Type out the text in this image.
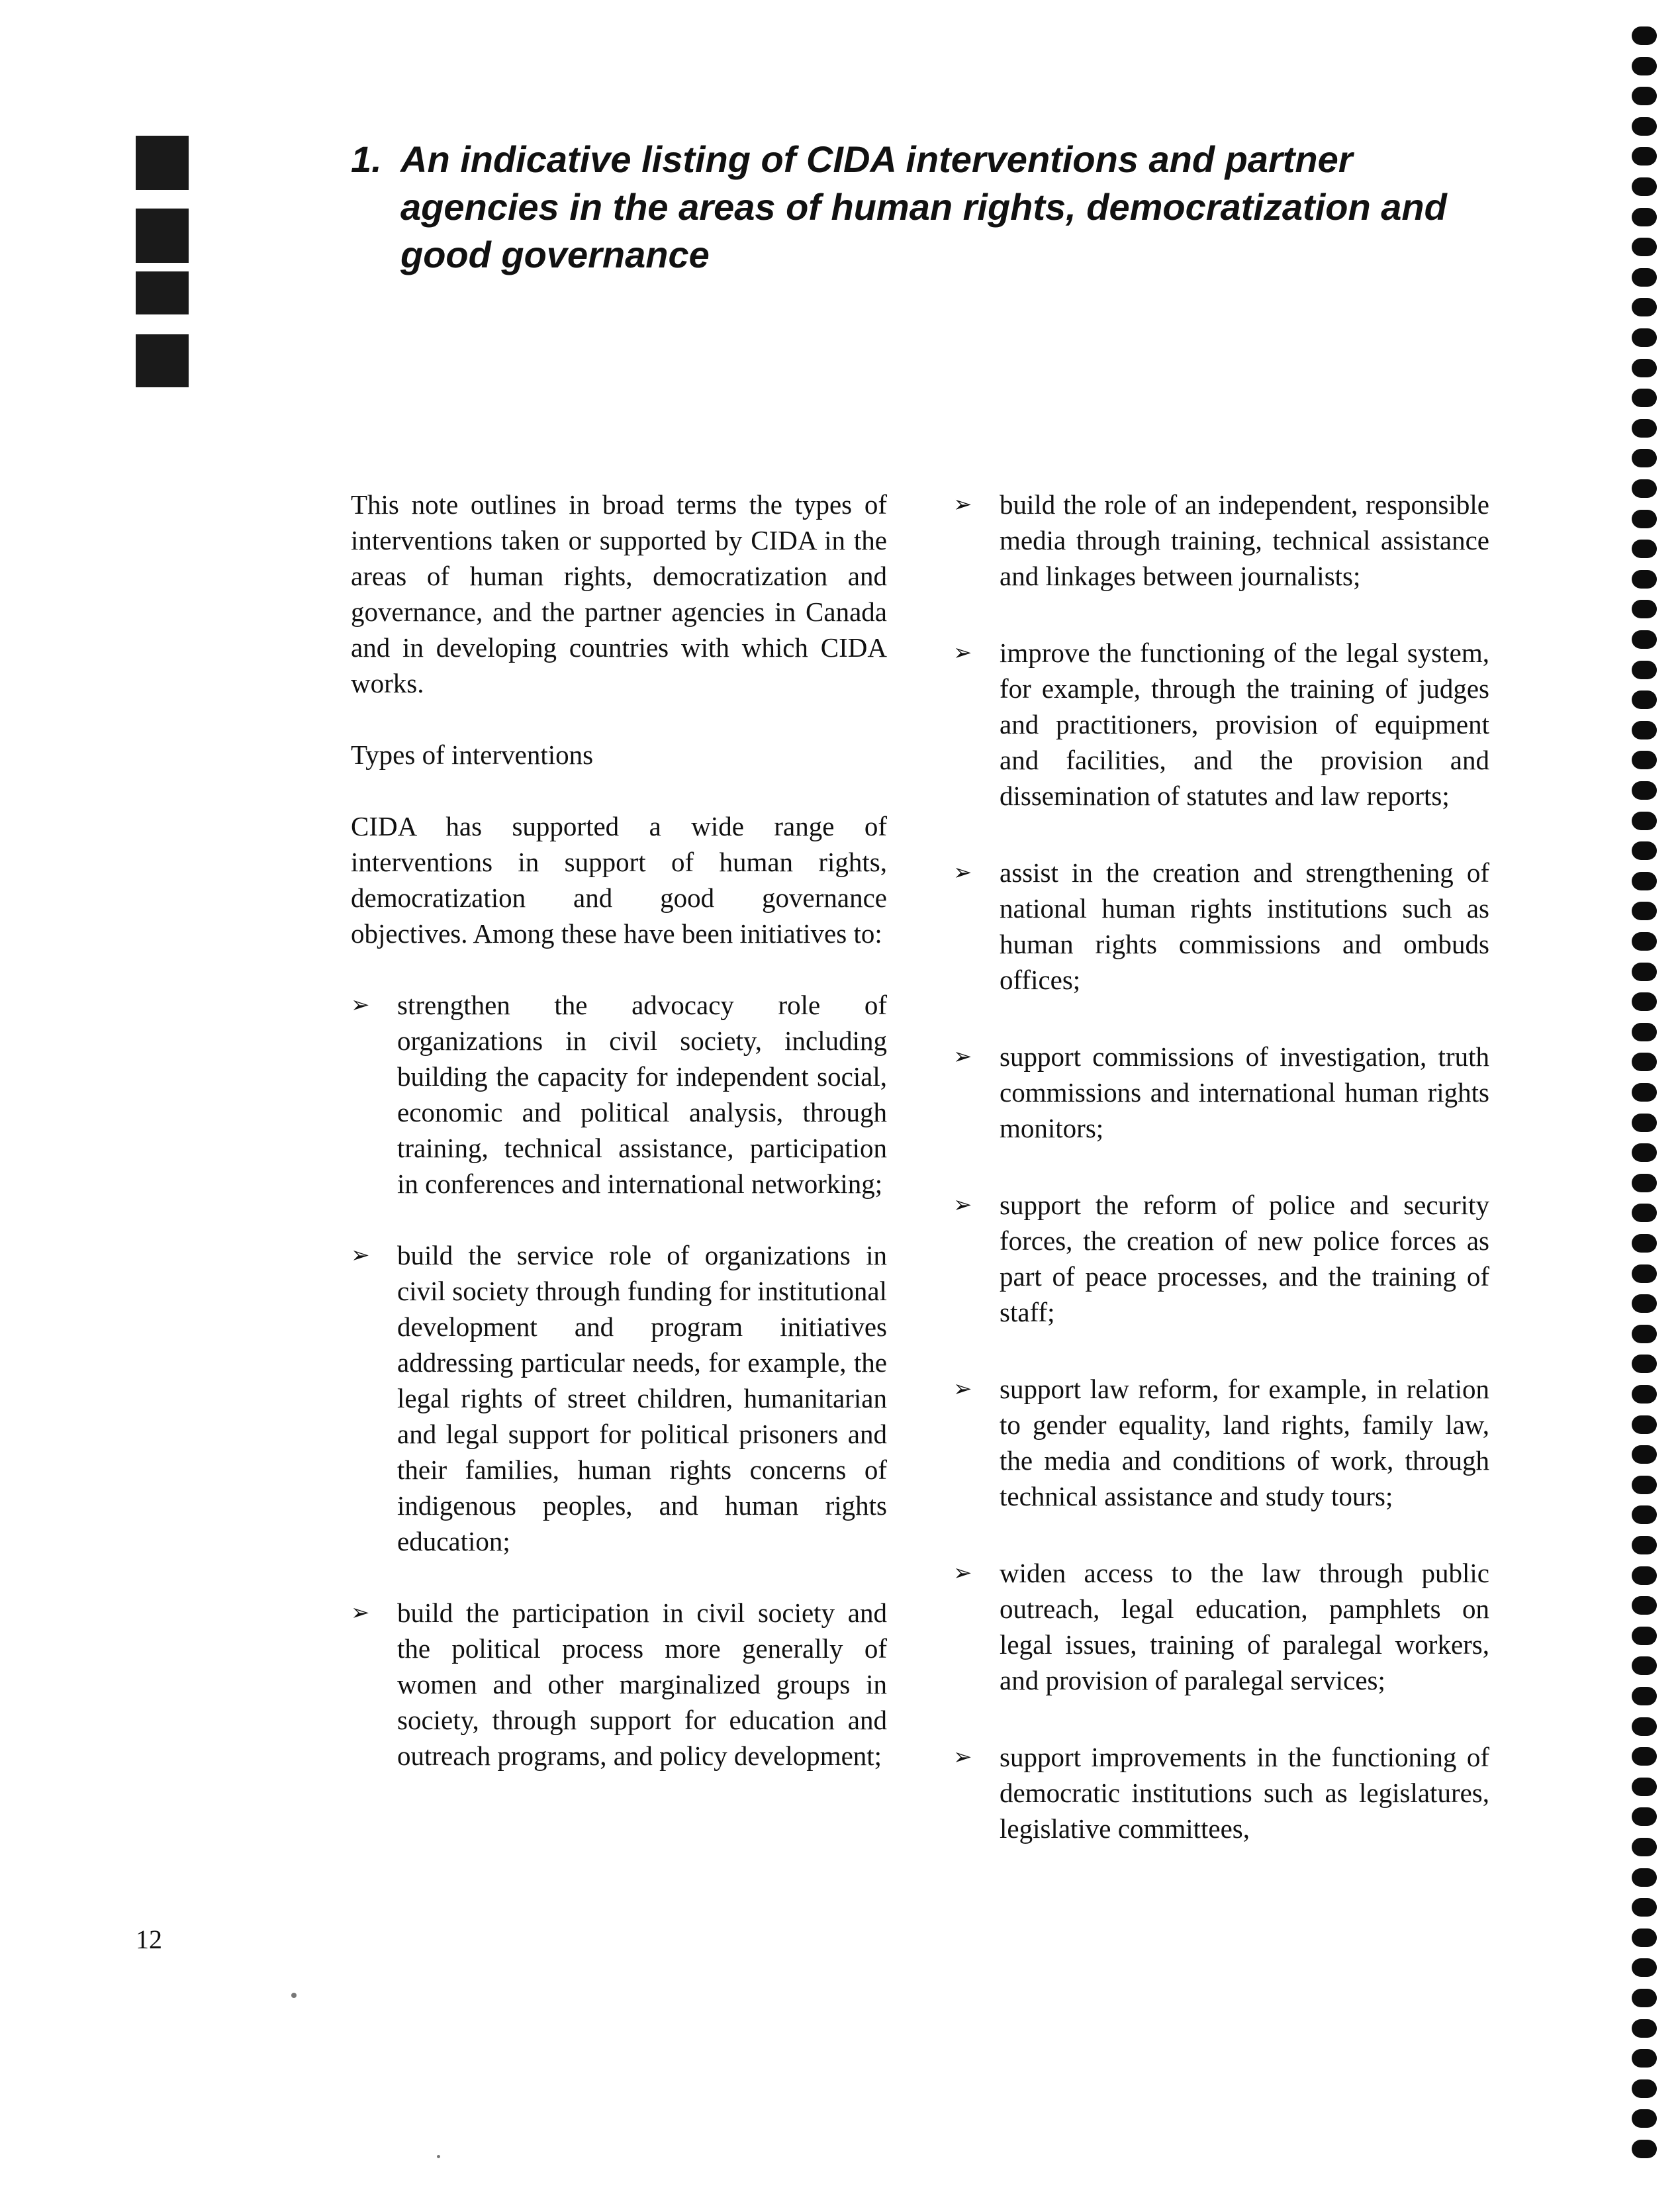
1. An indicative listing of CIDA interventions and partner agencies in the areas of human rights, democratization and good governance

This note outlines in broad terms the types of interventions taken or supported by CIDA in the areas of human rights, democratization and governance, and the partner agencies in Canada and in developing countries with which CIDA works.

Types of interventions

CIDA has supported a wide range of interventions in support of human rights, democratization and good governance objectives. Among these have been initiatives to:

➢ strengthen the advocacy role of organizations in civil society, including building the capacity for independent social, economic and political analysis, through training, technical assistance, participation in conferences and international networking;
➢ build the service role of organizations in civil society through funding for institutional development and program initiatives addressing particular needs, for example, the legal rights of street children, humanitarian and legal support for political prisoners and their families, human rights concerns of indigenous peoples, and human rights education;
➢ build the participation in civil society and the political process more generally of women and other marginalized groups in society, through support for education and outreach programs, and policy development;
➢ build the role of an independent, responsible media through training, technical assistance and linkages between journalists;
➢ improve the functioning of the legal system, for example, through the training of judges and practitioners, provision of equipment and facilities, and the provision and dissemination of statutes and law reports;
➢ assist in the creation and strengthening of national human rights institutions such as human rights commissions and ombuds offices;
➢ support commissions of investigation, truth commissions and international human rights monitors;
➢ support the reform of police and security forces, the creation of new police forces as part of peace processes, and the training of staff;
➢ support law reform, for example, in relation to gender equality, land rights, family law, the media and conditions of work, through technical assistance and study tours;
➢ widen access to the law through public outreach, legal education, pamphlets on legal issues, training of paralegal workers, and provision of paralegal services;
➢ support improvements in the functioning of democratic institutions such as legislatures, legislative committees,
12
